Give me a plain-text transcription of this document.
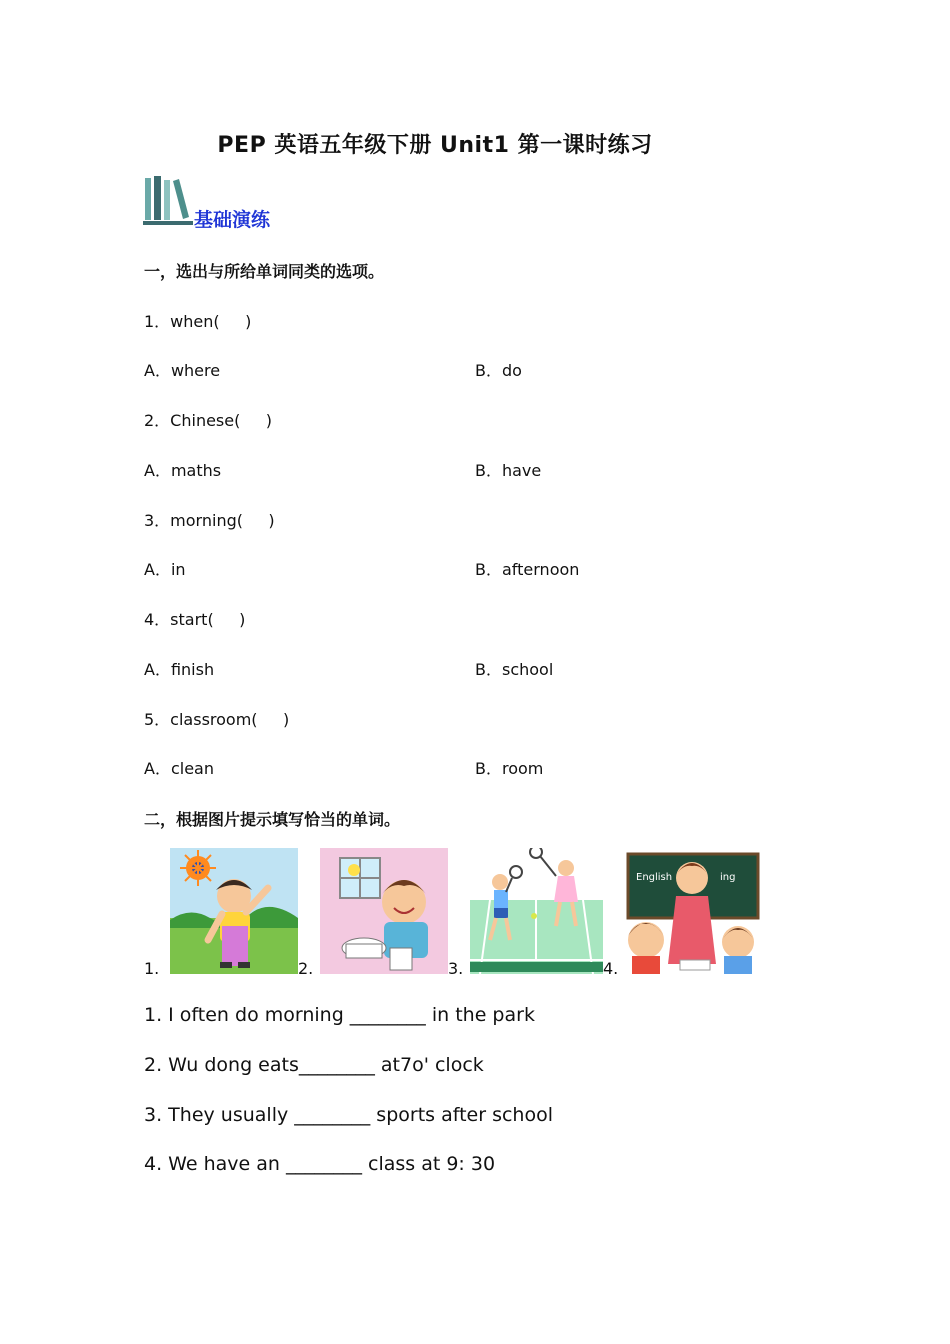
PEP 英语五年级下册 Unit1 第一课时练习
基础演练
一，选出与所给单词同类的选项。
1．when(     )
A．where	B．do
2．Chinese(     )
A．maths	B．have
3．morning(     )
A．in	B．afternoon
4．start(     )
A．finish	B．school
5．classroom(     )
A．clean	B．room
二，根据图片提示填写恰当的单词。
1.	2.	3.	4.
English	ing
1. I often do morning ________ in the park
2. Wu dong eats________ at7o' clock
3. They usually ________ sports after school
4. We have an ________ class at 9: 30
